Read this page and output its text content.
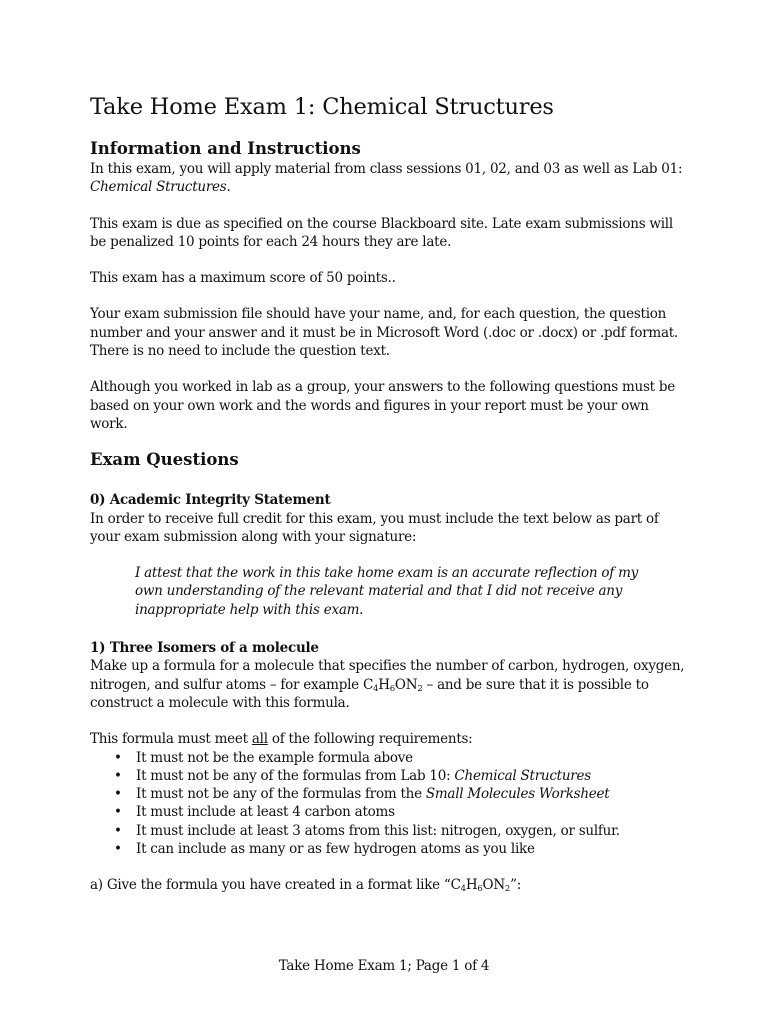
Take Home Exam 1: Chemical Structures
Information and Instructions

In this exam, you will apply material from class sessions 01, 02, and 03 as well as Lab 01: Chemical Structures.

This exam is due as specified on the course Blackboard site. Late exam submissions will be penalized 10 points for each 24 hours they are late.

This exam has a maximum score of 50 points..

Your exam submission file should have your name, and, for each question, the question number and your answer and it must be in Microsoft Word (.doc or .docx) or .pdf format. There is no need to include the question text.

Although you worked in lab as a group, your answers to the following questions must be based on your own work and the words and figures in your report must be your own work.

Exam Questions
0) Academic Integrity Statement

In order to receive full credit for this exam, you must include the text below as part of your exam submission along with your signature:

I attest that the work in this take home exam is an accurate reflection of my own understanding of the relevant material and that I did not receive any inappropriate help with this exam.

1) Three Isomers of a molecule

Make up a formula for a molecule that specifies the number of carbon, hydrogen, oxygen, nitrogen, and sulfur atoms – for example $C_4H_6ON_2$ – and be sure that it is possible to construct a molecule with this formula.

This formula must meet all of the following requirements:

• It must not be the example formula above
• It must not be any of the formulas from Lab 10: Chemical Structures
• It must not be any of the formulas from the Small Molecules Worksheet
• It must include at least 4 carbon atoms
• It must include at least 3 atoms from this list: nitrogen, oxygen, or sulfur.
• It can include as many or as few hydrogen atoms as you like

a) Give the formula you have created in a format like “$C_4H_6ON_2$”:

Take Home Exam 1; Page 1 of 4
